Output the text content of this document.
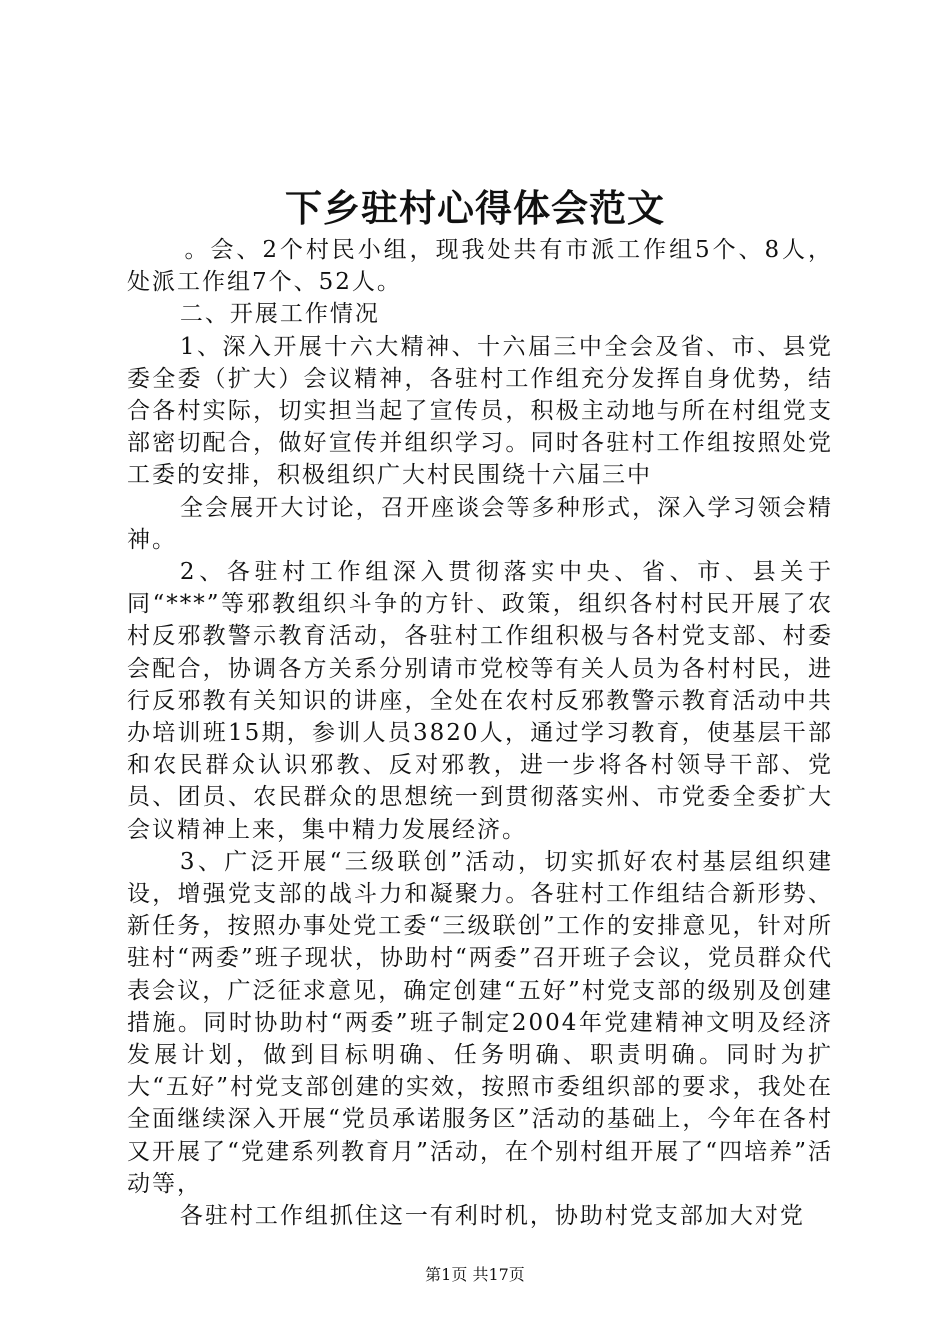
下乡驻村心得体会范文

。会、2个村民小组，现我处共有市派工作组5个、8人，处派工作组7个、52人。

二、开展工作情况

1、深入开展十六大精神、十六届三中全会及省、市、县党委全委（扩大）会议精神，各驻村工作组充分发挥自身优势，结合各村实际，切实担当起了宣传员，积极主动地与所在村组党支部密切配合，做好宣传并组织学习。同时各驻村工作组按照处党工委的安排，积极组织广大村民围绕十六届三中

全会展开大讨论，召开座谈会等多种形式，深入学习领会精神。

2、各驻村工作组深入贯彻落实中央、省、市、县关于同“***”等邪教组织斗争的方针、政策，组织各村村民开展了农村反邪教警示教育活动，各驻村工作组积极与各村党支部、村委会配合，协调各方关系分别请市党校等有关人员为各村村民，进行反邪教有关知识的讲座，全处在农村反邪教警示教育活动中共办培训班15期，参训人员3820人，通过学习教育，使基层干部和农民群众认识邪教、反对邪教，进一步将各村领导干部、党员、团员、农民群众的思想统一到贯彻落实州、市党委全委扩大会议精神上来，集中精力发展经济。

3、广泛开展“三级联创”活动，切实抓好农村基层组织建设，增强党支部的战斗力和凝聚力。各驻村工作组结合新形势、新任务，按照办事处党工委“三级联创”工作的安排意见，针对所驻村“两委”班子现状，协助村“两委”召开班子会议，党员群众代表会议，广泛征求意见，确定创建“五好”村党支部的级别及创建措施。同时协助村“两委”班子制定2004年党建精神文明及经济发展计划，做到目标明确、任务明确、职责明确。同时为扩大“五好”村党支部创建的实效，按照市委组织部的要求，我处在全面继续深入开展“党员承诺服务区”活动的基础上，今年在各村又开展了“党建系列教育月”活动，在个别村组开展了“四培养”活动等，

各驻村工作组抓住这一有利时机，协助村党支部加大对党

第1页 共17页
